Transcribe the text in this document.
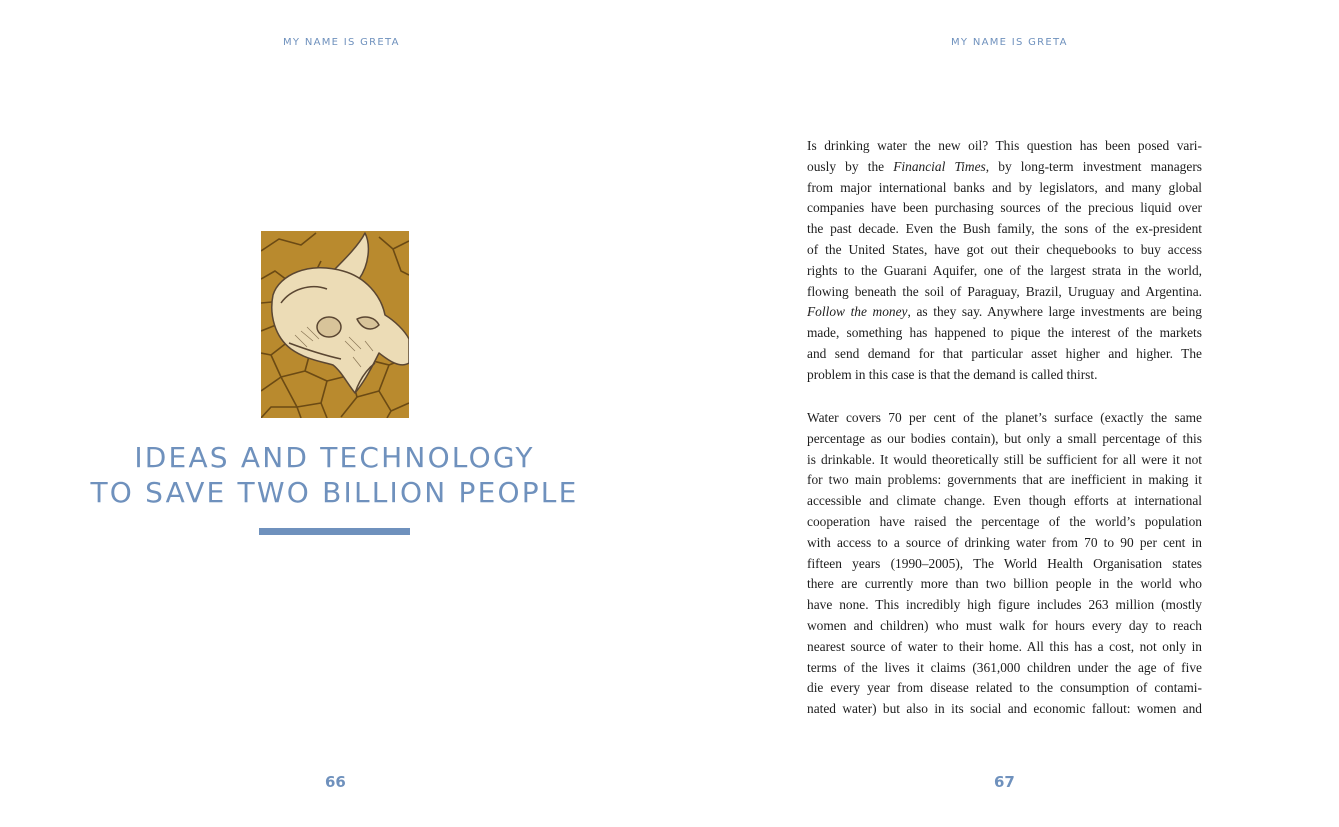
MY NAME IS GRETA
IDEAS AND TECHNOLOGY
TO SAVE TWO BILLION PEOPLE
66
MY NAME IS GRETA
Is drinking water the new oil? This question has been posed vari-
ously by the Financial Times, by long-term investment managers
from major international banks and by legislators, and many global
companies have been purchasing sources of the precious liquid over
the past decade. Even the Bush family, the sons of the ex-president
of the United States, have got out their chequebooks to buy access
rights to the Guarani Aquifer, one of the largest strata in the world,
flowing beneath the soil of Paraguay, Brazil, Uruguay and Argentina.
Follow the money, as they say. Anywhere large investments are being
made, something has happened to pique the interest of the markets
and send demand for that particular asset higher and higher. The
problem in this case is that the demand is called thirst.
Water covers 70 per cent of the planet’s surface (exactly the same
percentage as our bodies contain), but only a small percentage of this
is drinkable. It would theoretically still be sufficient for all were it not
for two main problems: governments that are inefficient in making it
accessible and climate change. Even though efforts at international
cooperation have raised the percentage of the world’s population
with access to a source of drinking water from 70 to 90 per cent in
fifteen years (1990–2005), The World Health Organisation states
there are currently more than two billion people in the world who
have none. This incredibly high figure includes 263 million (mostly
women and children) who must walk for hours every day to reach
nearest source of water to their home. All this has a cost, not only in
terms of the lives it claims (361,000 children under the age of five
die every year from disease related to the consumption of contami-
nated water) but also in its social and economic fallout: women and
67
